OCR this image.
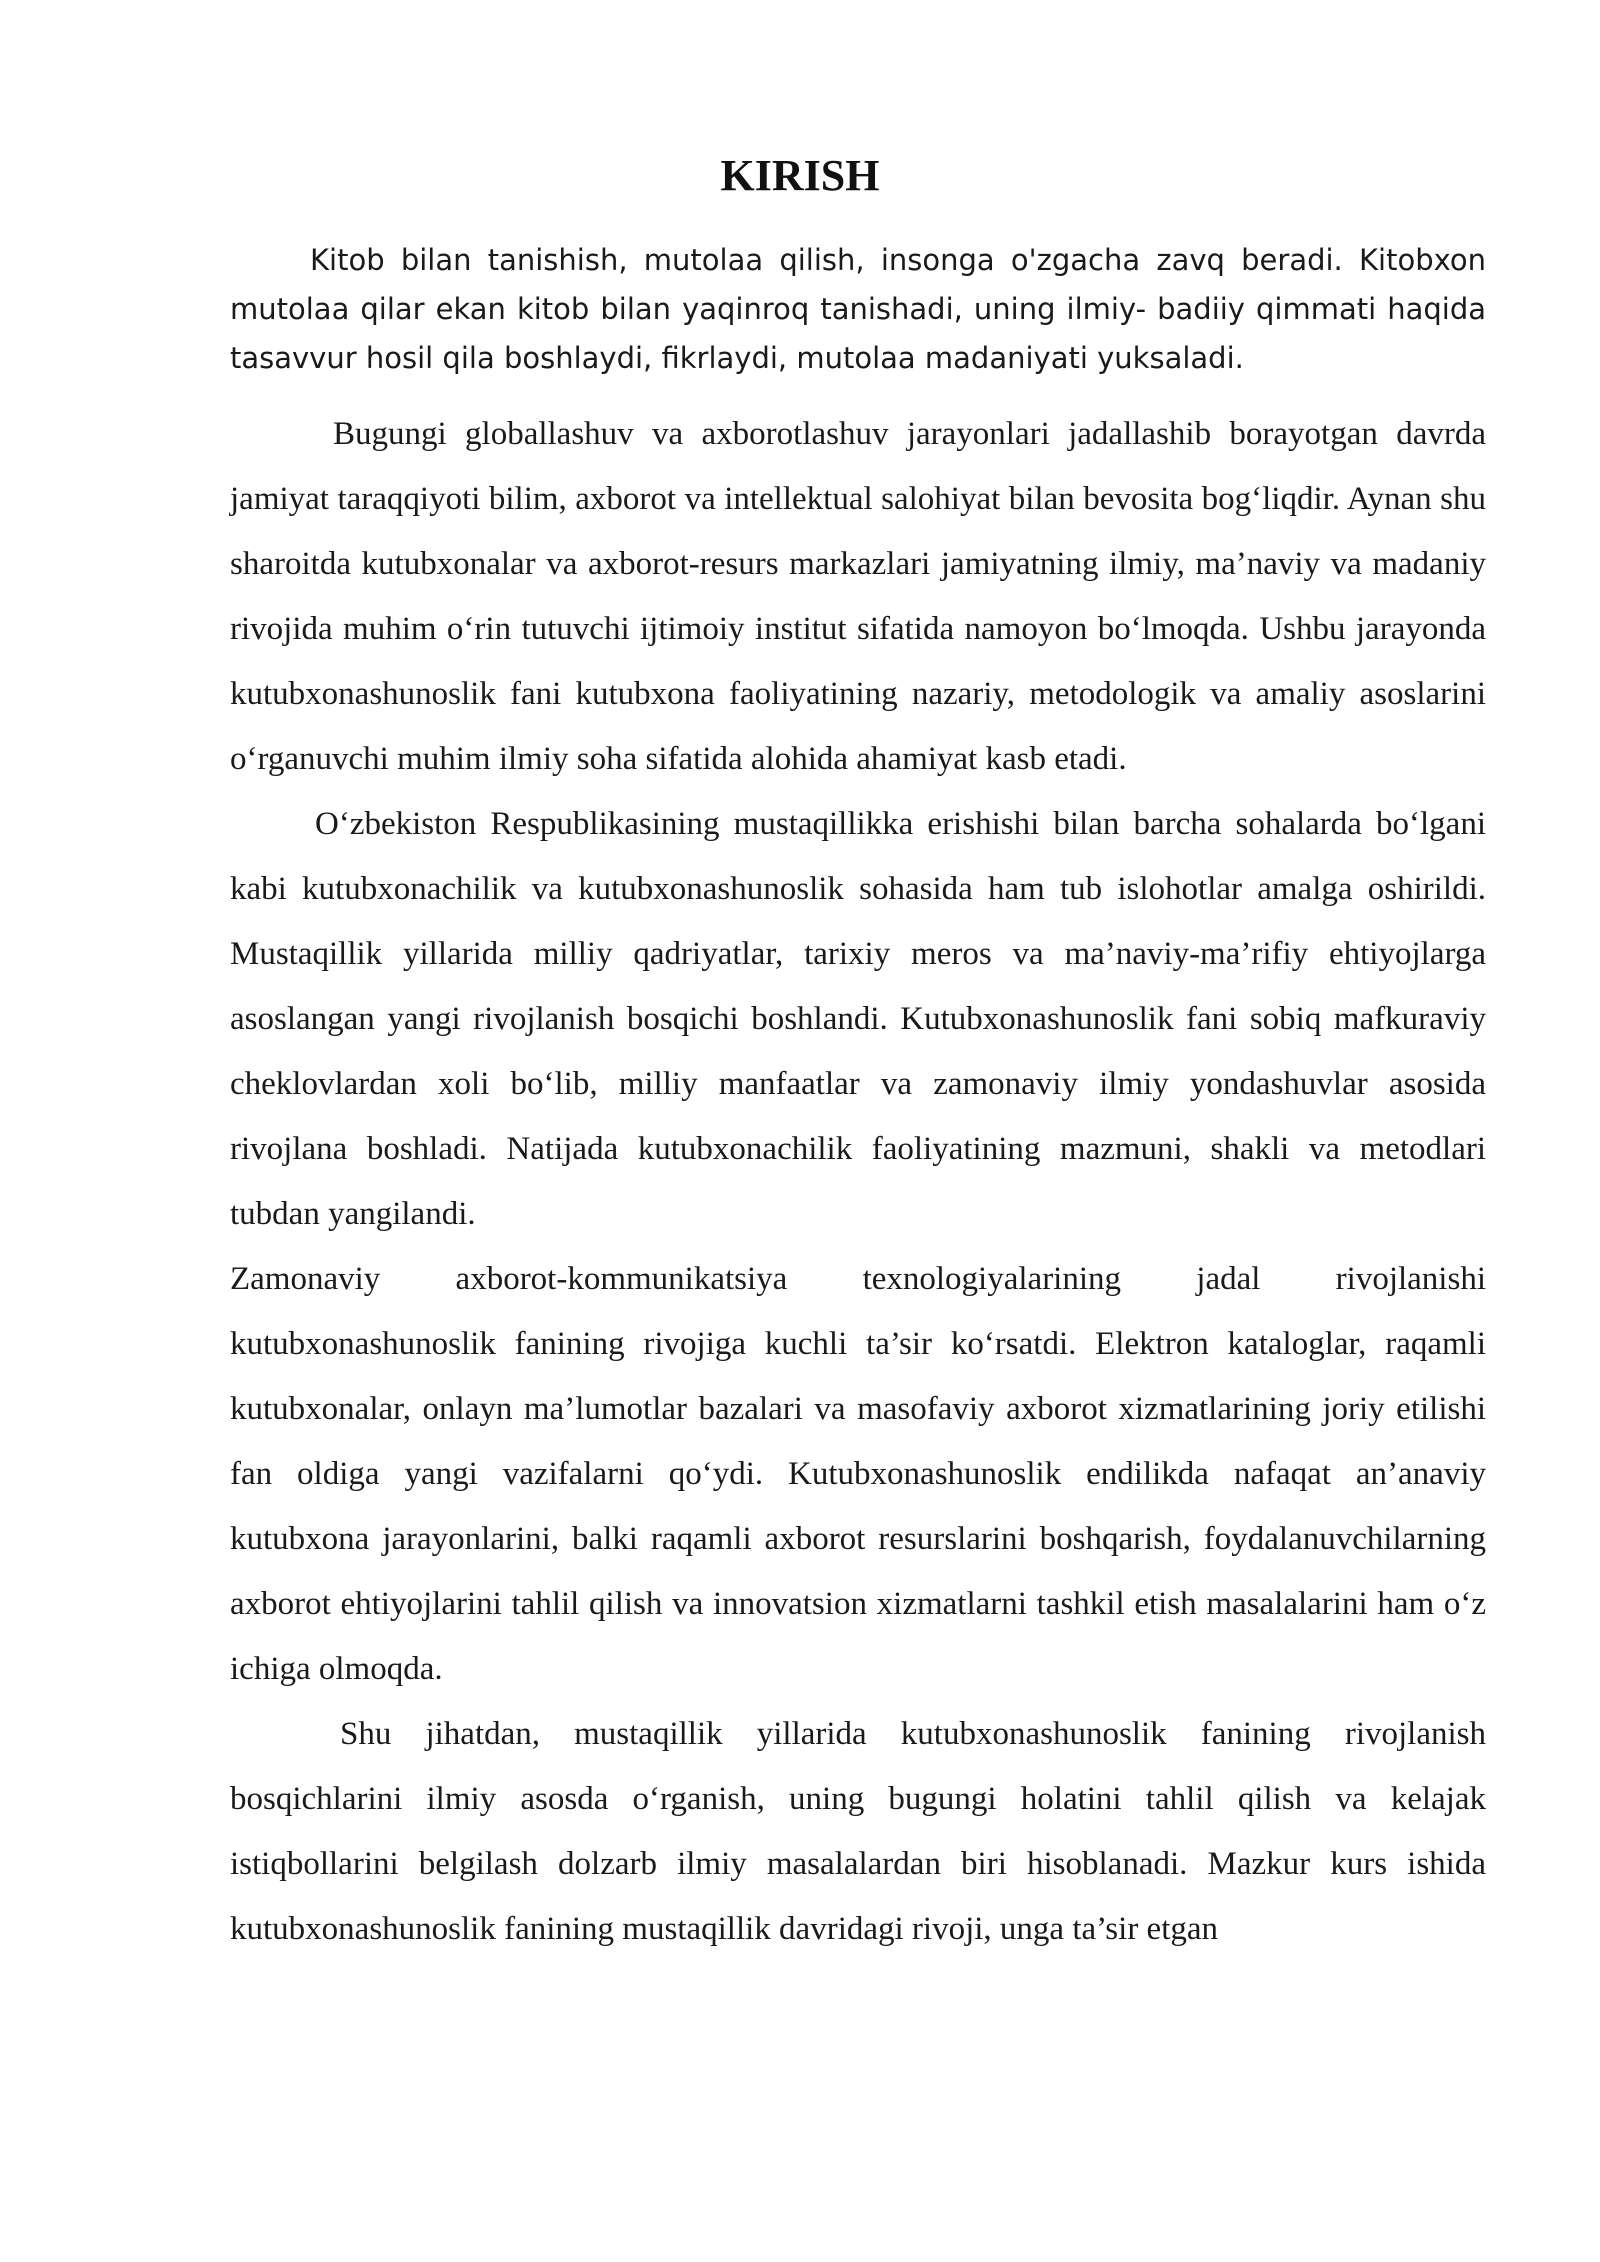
KIRISH

Kitob bilan tanishish, mutolaa qilish, insonga o'zgacha zavq beradi. Kitobxon mutolaa qilar ekan kitob bilan yaqinroq tanishadi, uning ilmiy- badiiy qimmati haqida tasavvur hosil qila boshlaydi, fikrlaydi, mutolaa madaniyati yuksaladi.

Bugungi globallashuv va axborotlashuv jarayonlari jadallashib borayotgan davrda jamiyat taraqqiyoti bilim, axborot va intellektual salohiyat bilan bevosita bog‘liqdir. Aynan shu sharoitda kutubxonalar va axborot-resurs markazlari jamiyatning ilmiy, ma’naviy va madaniy rivojida muhim o‘rin tutuvchi ijtimoiy institut sifatida namoyon bo‘lmoqda. Ushbu jarayonda kutubxonashunoslik fani kutubxona faoliyatining nazariy, metodologik va amaliy asoslarini o‘rganuvchi muhim ilmiy soha sifatida alohida ahamiyat kasb etadi.

O‘zbekiston Respublikasining mustaqillikka erishishi bilan barcha sohalarda bo‘lgani kabi kutubxonachilik va kutubxonashunoslik sohasida ham tub islohotlar amalga oshirildi. Mustaqillik yillarida milliy qadriyatlar, tarixiy meros va ma’naviy-ma’rifiy ehtiyojlarga asoslangan yangi rivojlanish bosqichi boshlandi. Kutubxonashunoslik fani sobiq mafkuraviy cheklovlardan xoli bo‘lib, milliy manfaatlar va zamonaviy ilmiy yondashuvlar asosida rivojlana boshladi. Natijada kutubxonachilik faoliyatining mazmuni, shakli va metodlari tubdan yangilandi.

Zamonaviy axborot-kommunikatsiya texnologiyalarining jadal rivojlanishi kutubxonashunoslik fanining rivojiga kuchli ta’sir ko‘rsatdi. Elektron kataloglar, raqamli kutubxonalar, onlayn ma’lumotlar bazalari va masofaviy axborot xizmatlarining joriy etilishi fan oldiga yangi vazifalarni qo‘ydi. Kutubxonashunoslik endilikda nafaqat an’anaviy kutubxona jarayonlarini, balki raqamli axborot resurslarini boshqarish, foydalanuvchilarning axborot ehtiyojlarini tahlil qilish va innovatsion xizmatlarni tashkil etish masalalarini ham o‘z ichiga olmoqda.

Shu jihatdan, mustaqillik yillarida kutubxonashunoslik fanining rivojlanish bosqichlarini ilmiy asosda o‘rganish, uning bugungi holatini tahlil qilish va kelajak istiqbollarini belgilash dolzarb ilmiy masalalardan biri hisoblanadi. Mazkur kurs ishida kutubxonashunoslik fanining mustaqillik davridagi rivoji, unga ta’sir etgan
